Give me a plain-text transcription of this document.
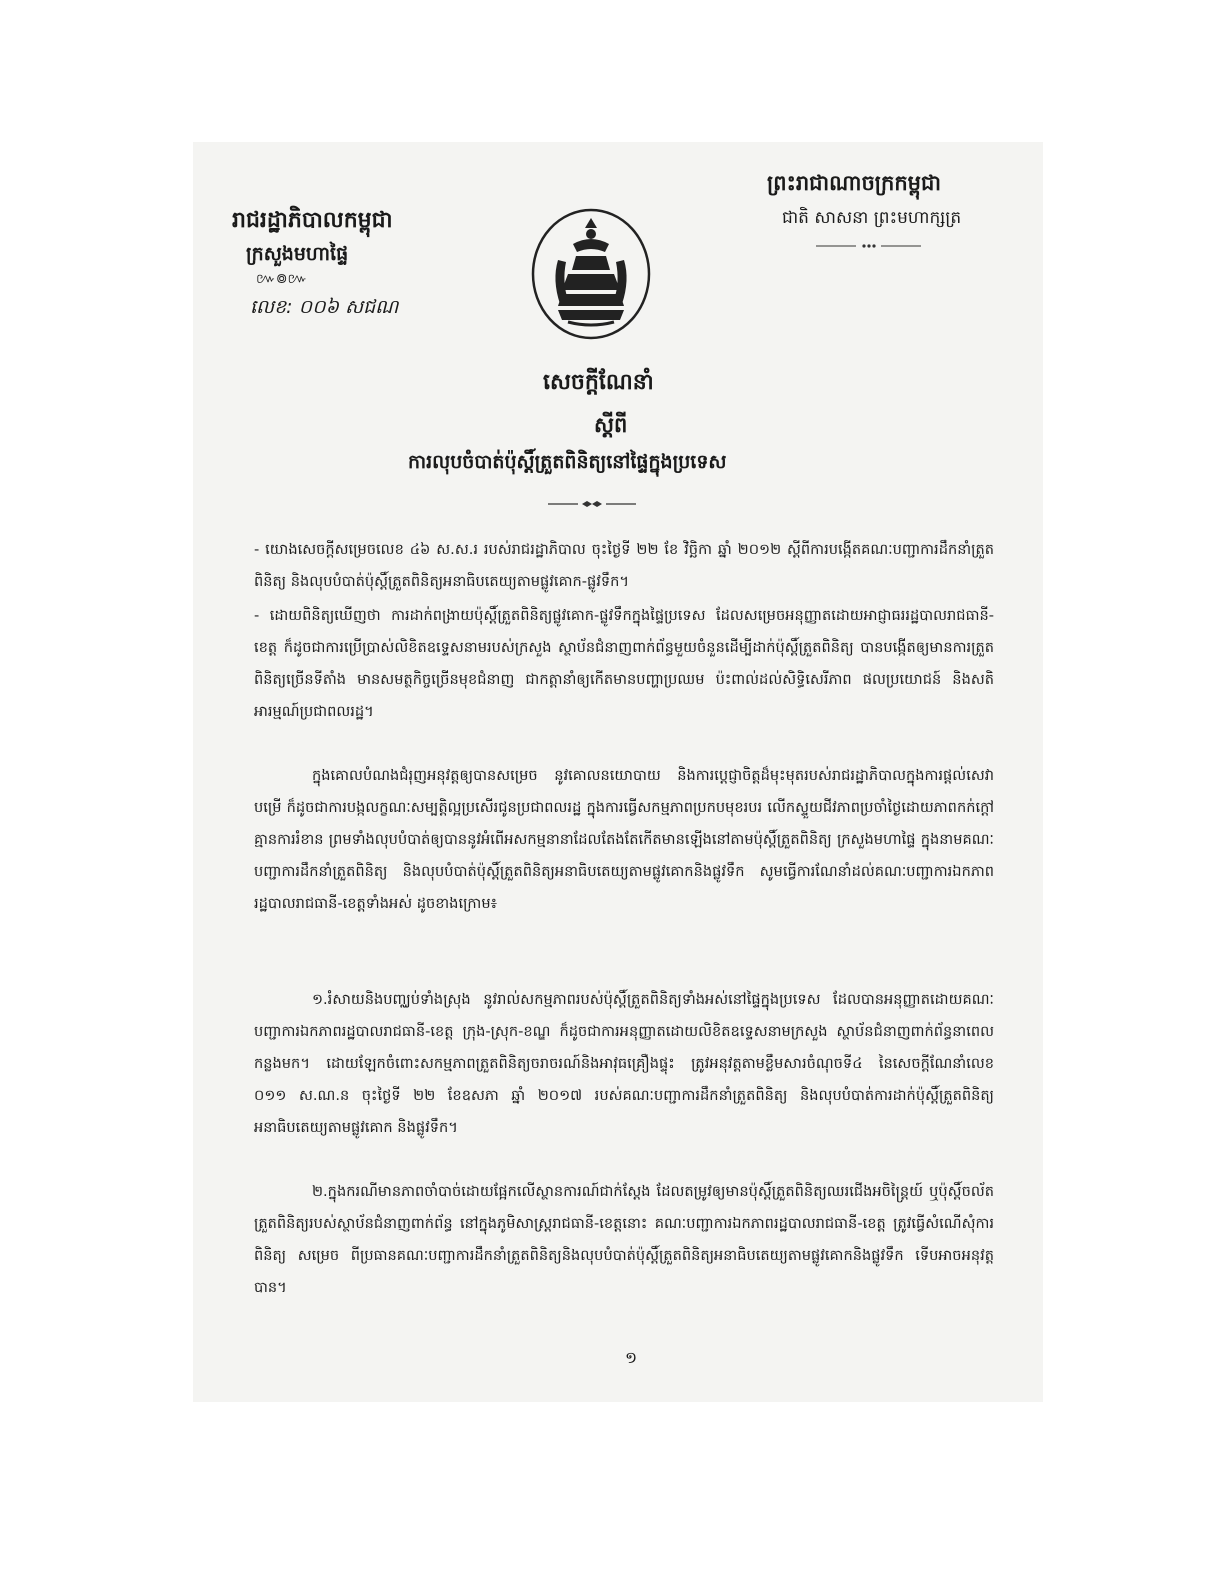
រាជរដ្ឋាភិបាលកម្ពុជា
ក្រសួងមហាផ្ទៃ
៚៙៚
លេខ: ០០៦ សជណ
ព្រះរាជាណាចក្រកម្ពុជា
ជាតិ សាសនា ព្រះមហាក្សត្រ
សេចក្តីណែនាំ
ស្តីពី
ការលុបចំបាត់ប៉ុស្តិ៍ត្រួតពិនិត្យនៅផ្ទៃក្នុងប្រទេស
- យោងសេចក្តីសម្រេចលេខ ៤៦ ស.ស.រ របស់រាជរដ្ឋាភិបាល ចុះថ្ងៃទី ២២ ខែ វិច្ឆិកា ឆ្នាំ ២០១២ ស្តីពីការបង្កើតគណៈបញ្ជាការដឹកនាំត្រួតពិនិត្យ និងលុបបំបាត់ប៉ុស្តិ៍ត្រួតពិនិត្យអនាធិបតេយ្យតាមផ្លូវគោក-ផ្លូវទឹក។
- ដោយពិនិត្យឃើញថា ការដាក់ពង្រាយប៉ុស្តិ៍ត្រួតពិនិត្យផ្លូវគោក-ផ្លូវទឹកក្នុងផ្ទៃប្រទេស ដែលសម្រេចអនុញ្ញាតដោយអាជ្ញាធររដ្ឋបាលរាជធានី-ខេត្ត ក៏ដូចជាការប្រើប្រាស់លិខិតឧទ្ទេសនាមរបស់ក្រសួង ស្ថាប័នជំនាញពាក់ព័ន្ធមួយចំនួនដើម្បីដាក់ប៉ុស្តិ៍ត្រួតពិនិត្យ បានបង្កើតឲ្យមានការត្រួតពិនិត្យច្រើនទីតាំង មានសមត្ថកិច្ចច្រើនមុខជំនាញ ជាកត្តានាំឲ្យកើតមានបញ្ហាប្រឈម ប៉ះពាល់ដល់សិទ្ធិសេរីភាព ផលប្រយោជន៍ និងសតិអារម្មណ៍ប្រជាពលរដ្ឋ។
ក្នុងគោលបំណងជំរុញអនុវត្តឲ្យបានសម្រេច នូវគោលនយោបាយ និងការប្តេជ្ញាចិត្តដ៏មុះមុតរបស់រាជរដ្ឋាភិបាលក្នុងការផ្តល់សេវាបម្រើ ក៏ដូចជាការបង្កលក្ខណៈសម្បត្តិល្អប្រសើរជូនប្រជាពលរដ្ឋ ក្នុងការធ្វើសកម្មភាពប្រកបមុខរបរ លើកស្ទួយជីវភាពប្រចាំថ្ងៃដោយភាពកក់ក្តៅ គ្មានការរំខាន ព្រមទាំងលុបបំបាត់ឲ្យបាននូវអំពើអសកម្មនានាដែលតែងតែកើតមានឡើងនៅតាមប៉ុស្តិ៍ត្រួតពិនិត្យ ក្រសួងមហាផ្ទៃ ក្នុងនាមគណៈបញ្ជាការដឹកនាំត្រួតពិនិត្យ និងលុបបំបាត់ប៉ុស្តិ៍ត្រួតពិនិត្យអនាធិបតេយ្យតាមផ្លូវគោកនិងផ្លូវទឹក សូមធ្វើការណែនាំដល់គណៈបញ្ជាការឯកភាពរដ្ឋបាលរាជធានី-ខេត្តទាំងអស់ ដូចខាងក្រោម៖
១.រំសាយនិងបញ្ឈប់ទាំងស្រុង នូវរាល់សកម្មភាពរបស់ប៉ុស្តិ៍ត្រួតពិនិត្យទាំងអស់នៅផ្ទៃក្នុងប្រទេស ដែលបានអនុញ្ញាតដោយគណៈបញ្ជាការឯកភាពរដ្ឋបាលរាជធានី-ខេត្ត ក្រុង-ស្រុក-ខណ្ឌ ក៏ដូចជាការអនុញ្ញាតដោយលិខិតឧទ្ទេសនាមក្រសួង ស្ថាប័នជំនាញពាក់ព័ន្ធនាពេលកន្លងមក។ ដោយឡែកចំពោះសកម្មភាពត្រួតពិនិត្យចរាចរណ៍និងអាវុធគ្រឿងផ្ទុះ ត្រូវអនុវត្តតាមខ្លឹមសារចំណុចទី៤ នៃសេចក្តីណែនាំលេខ ០១១ ស.ណ.ន ចុះថ្ងៃទី ២២ ខែឧសភា ឆ្នាំ ២០១៧ របស់គណៈបញ្ជាការដឹកនាំត្រួតពិនិត្យ និងលុបបំបាត់ការដាក់ប៉ុស្តិ៍ត្រួតពិនិត្យអនាធិបតេយ្យតាមផ្លូវគោក និងផ្លូវទឹក។
២.ក្នុងករណីមានភាពចាំបាច់ដោយផ្អែកលើស្ថានការណ៍ជាក់ស្តែង ដែលតម្រូវឲ្យមានប៉ុស្តិ៍ត្រួតពិនិត្យឈរជើងអចិន្ត្រៃយ៍ ឬប៉ុស្តិ៍ចល័តត្រួតពិនិត្យរបស់ស្ថាប័នជំនាញពាក់ព័ន្ធ នៅក្នុងភូមិសាស្ត្ររាជធានី-ខេត្តនោះ គណៈបញ្ជាការឯកភាពរដ្ឋបាលរាជធានី-ខេត្ត ត្រូវធ្វើសំណើសុំការពិនិត្យ សម្រេច ពីប្រធានគណៈបញ្ជាការដឹកនាំត្រួតពិនិត្យនិងលុបបំបាត់ប៉ុស្តិ៍ត្រួតពិនិត្យអនាធិបតេយ្យតាមផ្លូវគោកនិងផ្លូវទឹក ទើបអាចអនុវត្តបាន។
១
